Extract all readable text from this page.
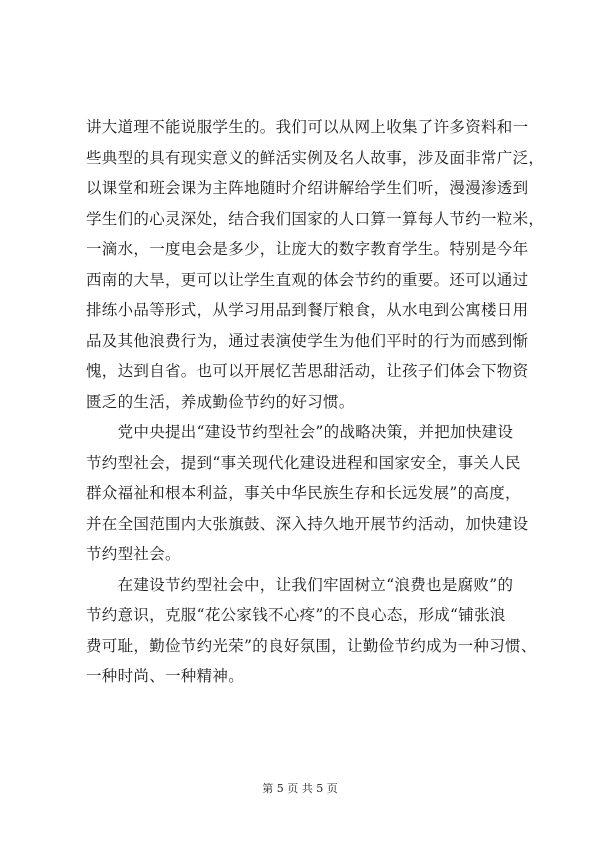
讲大道理不能说服学生的。我们可以从网上收集了许多资料和一
些典型的具有现实意义的鲜活实例及名人故事，涉及面非常广泛，
以课堂和班会课为主阵地随时介绍讲解给学生们听，漫漫渗透到
学生们的心灵深处，结合我们国家的人口算一算每人节约一粒米，
一滴水，一度电会是多少，让庞大的数字教育学生。特别是今年
西南的大旱，更可以让学生直观的体会节约的重要。还可以通过
排练小品等形式，从学习用品到餐厅粮食，从水电到公寓楼日用
品及其他浪费行为，通过表演使学生为他们平时的行为而感到惭
愧，达到自省。也可以开展忆苦思甜活动，让孩子们体会下物资
匮乏的生活，养成勤俭节约的好习惯。
　　党中央提出“建设节约型社会”的战略决策，并把加快建设
节约型社会，提到“事关现代化建设进程和国家安全，事关人民
群众福祉和根本利益，事关中华民族生存和长远发展”的高度，
并在全国范围内大张旗鼓、深入持久地开展节约活动，加快建设
节约型社会。
　　在建设节约型社会中，让我们牢固树立“浪费也是腐败”的
节约意识，克服“花公家钱不心疼”的不良心态，形成“铺张浪
费可耻，勤俭节约光荣”的良好氛围，让勤俭节约成为一种习惯、
一种时尚、一种精神。
第 5 页 共 5 页
